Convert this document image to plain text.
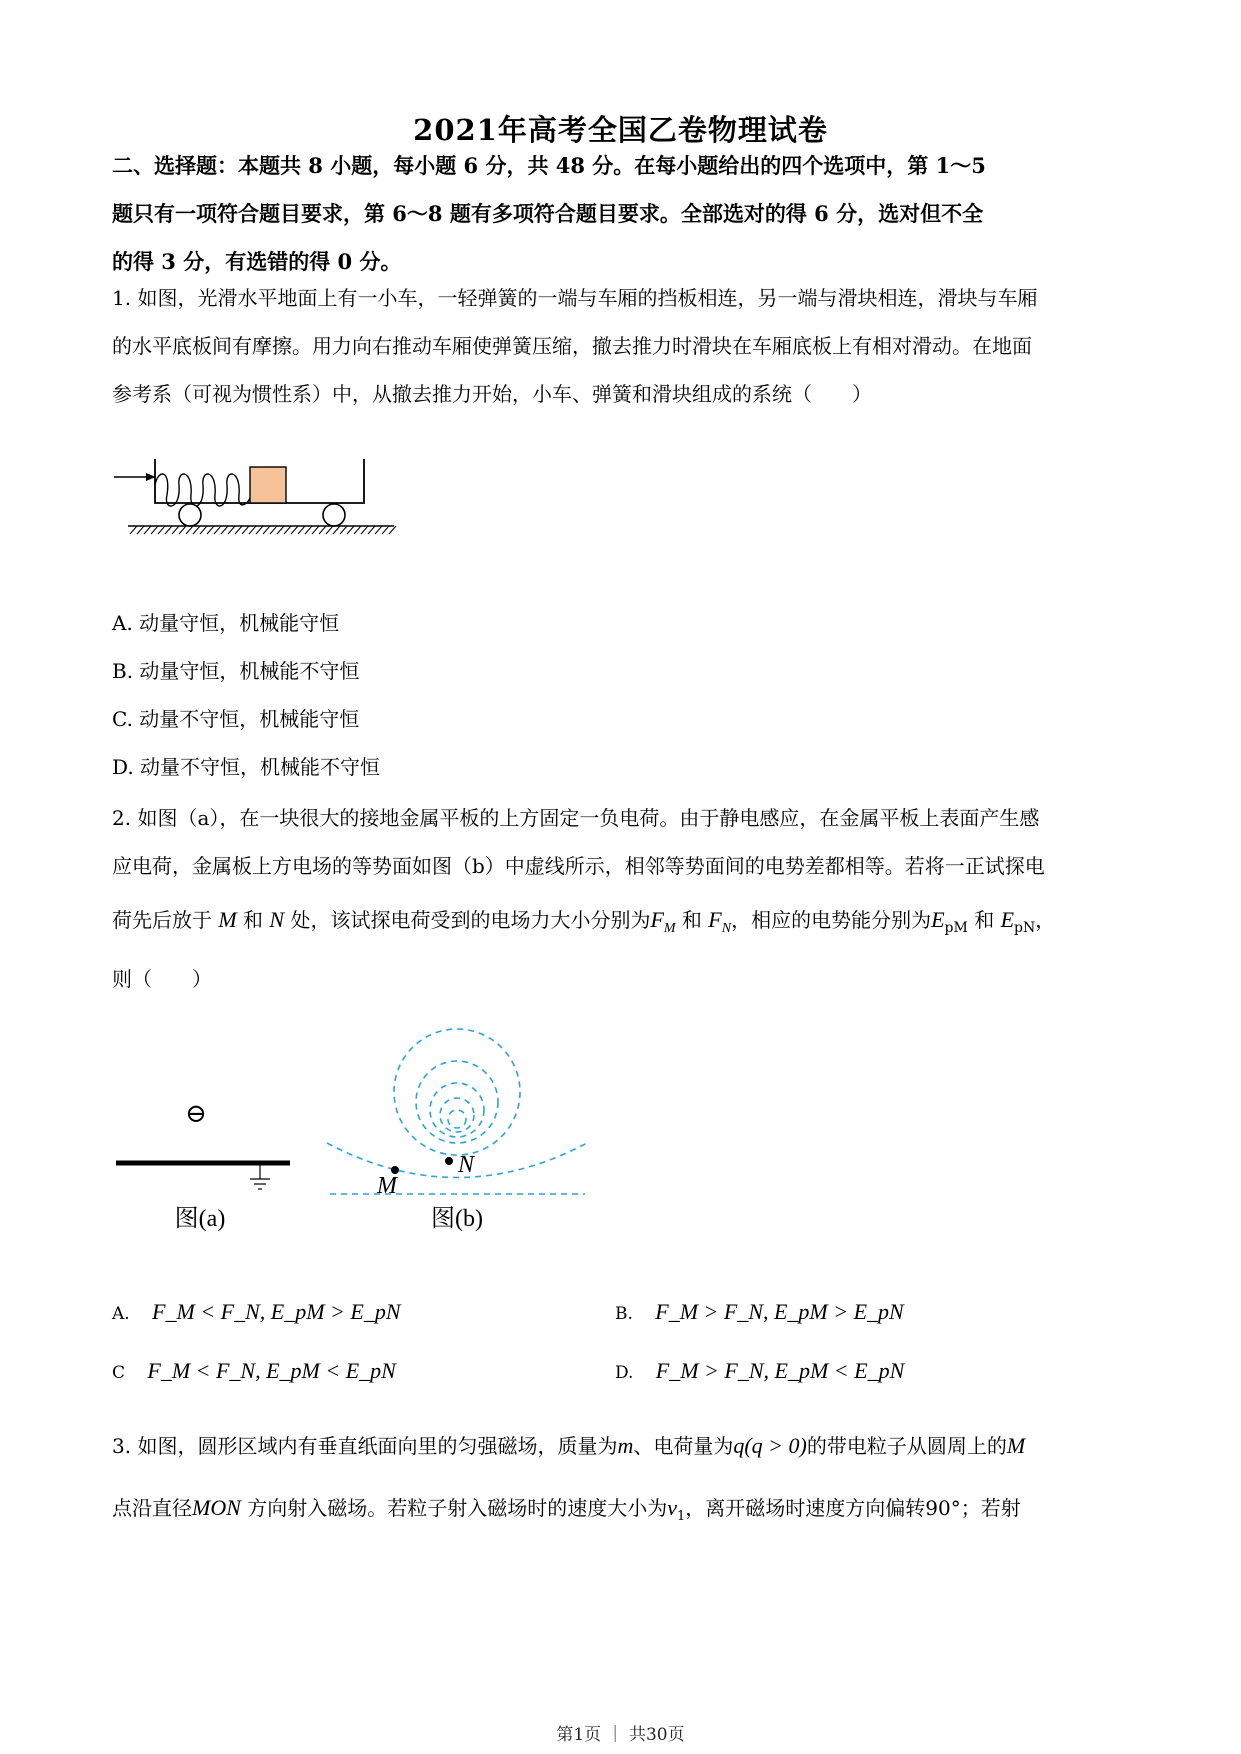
2021年高考全国乙卷物理试卷
二、选择题：本题共 8 小题，每小题 6 分，共 48 分。在每小题给出的四个选项中，第 1～5
题只有一项符合题目要求，第 6～8 题有多项符合题目要求。全部选对的得 6 分，选对但不全
的得 3 分，有选错的得 0 分。
1. 如图，光滑水平地面上有一小车，一轻弹簧的一端与车厢的挡板相连，另一端与滑块相连，滑块与车厢
的水平底板间有摩擦。用力向右推动车厢使弹簧压缩，撤去推力时滑块在车厢底板上有相对滑动。在地面
参考系（可视为惯性系）中，从撤去推力开始，小车、弹簧和滑块组成的系统（　　）
A. 动量守恒，机械能守恒
B. 动量守恒，机械能不守恒
C. 动量不守恒，机械能守恒
D. 动量不守恒，机械能不守恒
2. 如图（a），在一块很大的接地金属平板的上方固定一负电荷。由于静电感应，在金属平板上表面产生感
应电荷，金属板上方电场的等势面如图（b）中虚线所示，相邻等势面间的电势差都相等。若将一正试探电
荷先后放于 M 和 N 处，该试探电荷受到的电场力大小分别为$F_M$ 和 $F_N$，相应的电势能分别为$E_{pM}$ 和 $E_{pN}$，
则（　　）
⊖
图(a)
M
N
图(b)
A. F_M < F_N, E_pM > E_pN	B. F_M > F_N, E_pM > E_pN
C F_M < F_N, E_pM < E_pN	D. F_M > F_N, E_pM < E_pN
3. 如图，圆形区域内有垂直纸面向里的匀强磁场，质量为m、电荷量为q(q > 0)的带电粒子从圆周上的M
点沿直径MON 方向射入磁场。若粒子射入磁场时的速度大小为$v_1$，离开磁场时速度方向偏转90°；若射
第1页 ｜ 共30页
